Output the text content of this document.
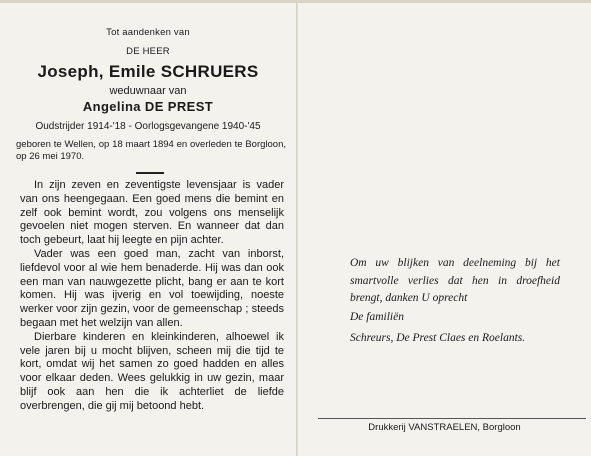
Tot aandenken van
DE HEER
Joseph, Emile SCHRUERS
weduwnaar van
Angelina DE PREST
Oudstrijder 1914-'18 - Oorlogsgevangene 1940-'45
geboren te Wellen, op 18 maart 1894 en overleden te Borgloon, op 26 mei 1970.

In zijn zeven en zeventigste levensjaar is vader van ons heengegaan. Een goed mens die bemint en zelf ook bemint wordt, zou volgens ons menselijk gevoelen niet mogen sterven. En wanneer dat dan toch gebeurt, laat hij leegte en pijn achter.

Vader was een goed man, zacht van inborst, liefdevol voor al wie hem benaderde. Hij was dan ook een man van nauwgezette plicht, bang er aan te kort komen. Hij was ijverig en vol toewijding, noeste werker voor zijn gezin, voor de gemeenschap ; steeds begaan met het welzijn van allen.

Dierbare kinderen en kleinkinderen, alhoewel ik vele jaren bij u mocht blijven, scheen mij die tijd te kort, omdat wij het samen zo goed hadden en alles voor elkaar deden. Wees gelukkig in uw gezin, maar blijf ook aan hen die ik achterliet de liefde overbrengen, die gij mij betoond hebt.

Om uw blijken van deelneming bij het smartvolle verlies dat hen in droefheid brengt, danken U oprecht
De familiën
Schreurs, De Prest Claes en Roelants.
Drukkerij VANSTRAELEN, Borgloon
